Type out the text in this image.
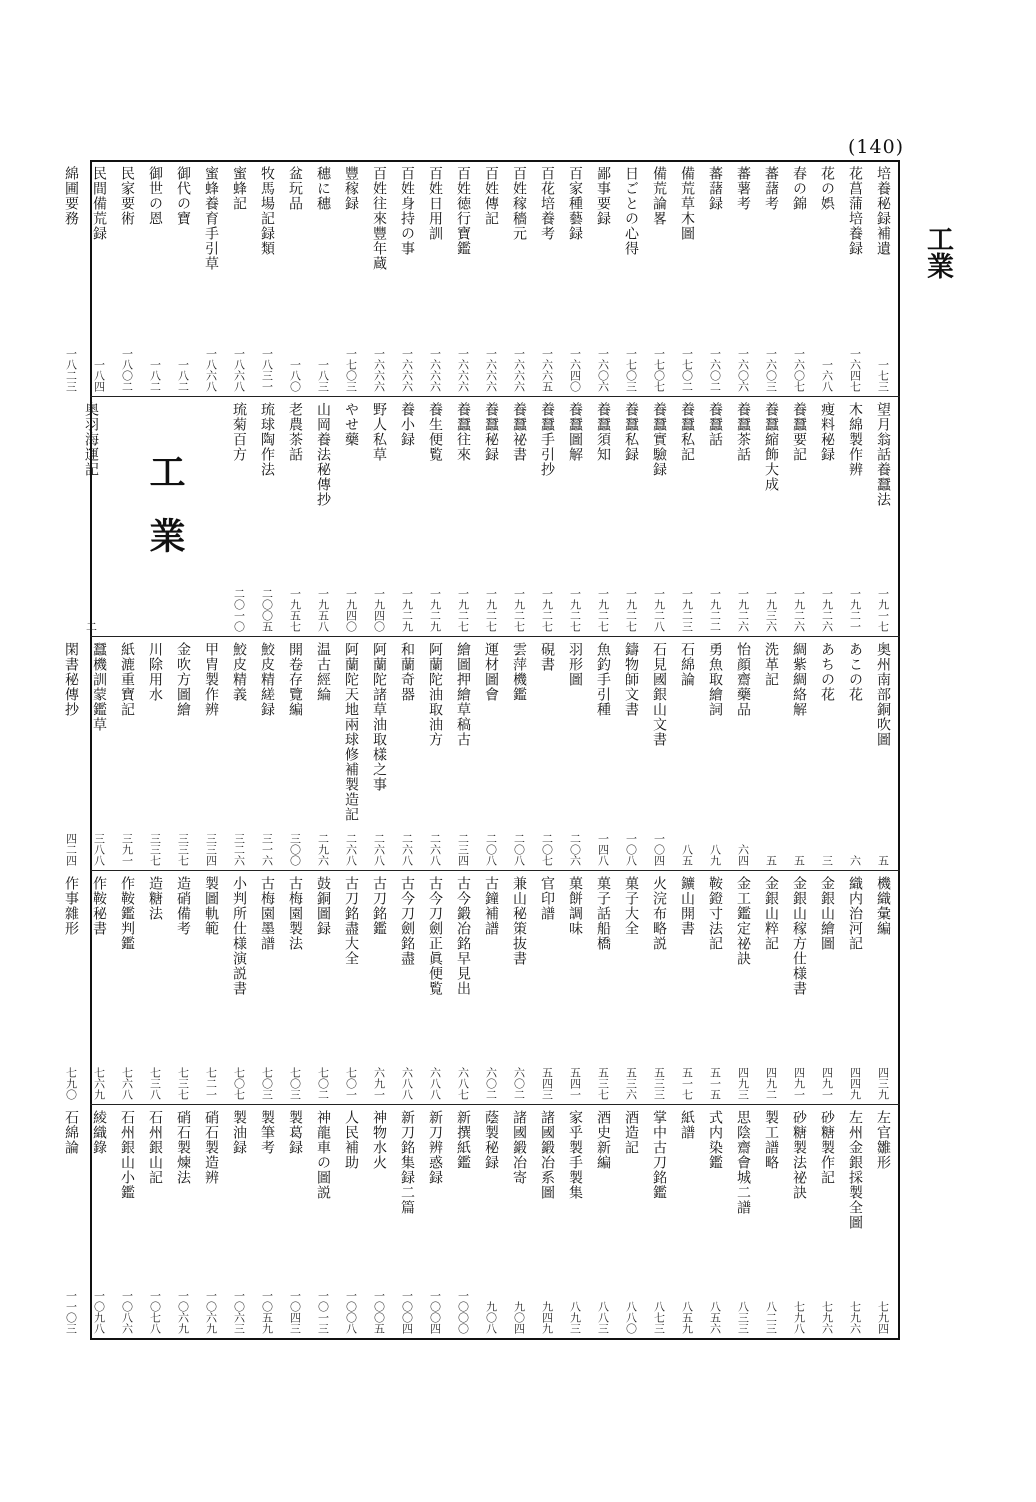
(140)
工業
培養秘録補遺
一七三
花菖蒲培養録
一六四七
花の娯
一六八
春の錦
一六〇七
蕃藷考
一六〇三
蕃薯考
一六〇六
蕃藷録
一六〇二
備荒草木圖
一七〇二
備荒論畧
一七〇七
日ごとの心得
一七〇三
鄙事要録
一六〇六
百家種藝録
一六四〇
百花培養考
一六六五
百姓稼穡元
一六六六
百姓傳記
一六六六
百姓徳行寶鑑
一六六六
百姓日用訓
一六六六
百姓身持の事
一六六六
百姓往來豐年蔵
一六六六
豐稼録
一七〇三
穗に穗
一八三
盆玩品
一八〇
牧馬場記録類
一八三一
蜜蜂記
一八六八
蜜蜂養育手引草
一八六八
御代の寶
一八二
御世の恩
一八二
民家要術
一八〇二
民間備荒録
一八四
綿圃要務
一八二三
望月翁話養蠶法
一九一七
木綿製作辨
一九二一
痩料秘録
一九二六
養蠶要記
一九二六
養蠶縮飾大成
一九三六
養蠶茶話
一九二六
養蠶話
一九二二
養蠶私記
一九二三
養蠶實驗録
一九二八
養蠶私録
一九二七
養蠶須知
一九二七
養蠶圖解
一九二七
養蠶手引抄
一九二七
養蠶祕書
一九二七
養蠶秘録
一九二七
養蠶往來
一九二七
養生便覧
一九二九
養小録
一九二九
野人私草
一九四〇
やせ藥
一九四〇
山岡養法秘傳抄
一九五八
老農茶話
一九五七
琉球陶作法
二〇〇五
琉菊百方
二〇一〇
工業
奥羽海運記
二
奥州南部銅吹圖
五
あこの花
六
あちの花
三
綢紫綢絡解
五
洗革記
五
怡顔齋藥品
六四
勇魚取繪詞
八九
石綿論
八五
石見國銀山文書
一〇四
鑄物師文書
一〇八
魚釣手引種
一四八
羽形圖
二〇六
硯書
二〇七
雲萍機鑑
二〇八
運材圖會
二〇八
繪圖押繪草稿古
二三四
阿蘭陀油取油方
二六八
和蘭奇器
二六八
阿蘭陀諸草油取樣之事
二六八
阿蘭陀天地兩球修補製造記
二六八
温古經綸
二九六
開卷存覽編
三〇〇
鮫皮精縒録
三一六
鮫皮精義
三二六
甲胄製作辨
三三四
金吹方圖繪
三三七
川除用水
三三七
紙漉重寶記
三九一
蠶機訓蒙鑑草
三八八
閑書秘傳抄
四二四
機織彙編
四三九
織内治河記
四四九
金銀山繪圖
四九一
金銀山稼方仕様書
四九一
金銀山粹記
四九二
金工鑑定祕訣
四九三
鞍鐙寸法記
五一五
鑛山開書
五一七
火浣布略説
五三三
菓子大全
五三六
菓子話船橋
五三七
菓餅調味
五四一
官印譜
五四三
兼山秘策抜書
六〇二
古鐘補譜
六〇二
古今鍛冶銘早見出
六八七
古今刀劍正眞便覧
六八八
古今刀劍銘盡
六八八
古刀銘鑑
六九一
古刀銘盡大全
七〇一
鼓銅圖録
七〇二
古梅園製法
七〇三
古梅園墨譜
七〇三
小判所仕様演説書
七〇七
製圖軌範
七二一
造硝備考
七三七
造糖法
七三八
作鞍鑑判鑑
七六八
作鞍秘書
七六九
作事雜形
七九〇
左官雛形
七九四
左州金銀採製全圖
七九六
砂糖製作記
七九六
砂糖製法祕訣
七九八
製工譜略
八二三
思陰齋會城二譜
八三三
式内染鑑
八五六
紙譜
八五九
掌中古刀銘鑑
八七三
酒造記
八八〇
酒史新編
八八三
家乎製手製集
八九三
諸國鍛冶系圖
九四九
諸國鍛冶寄
九〇四
蔭製秘録
九〇八
新撰紙鑑
一〇〇〇
新刀辨惑録
一〇〇四
新刀銘集録二篇
一〇〇四
神物水火
一〇〇五
人民補助
一〇〇八
神龍車の圖説
一〇一三
製葛録
一〇四三
製筆考
一〇五九
製油録
一〇六三
硝石製造辨
一〇六九
硝石製煉法
一〇六九
石州銀山記
一〇七八
石州銀山小鑑
一〇八六
綾織錄
一〇九八
石綿論
一一〇三
